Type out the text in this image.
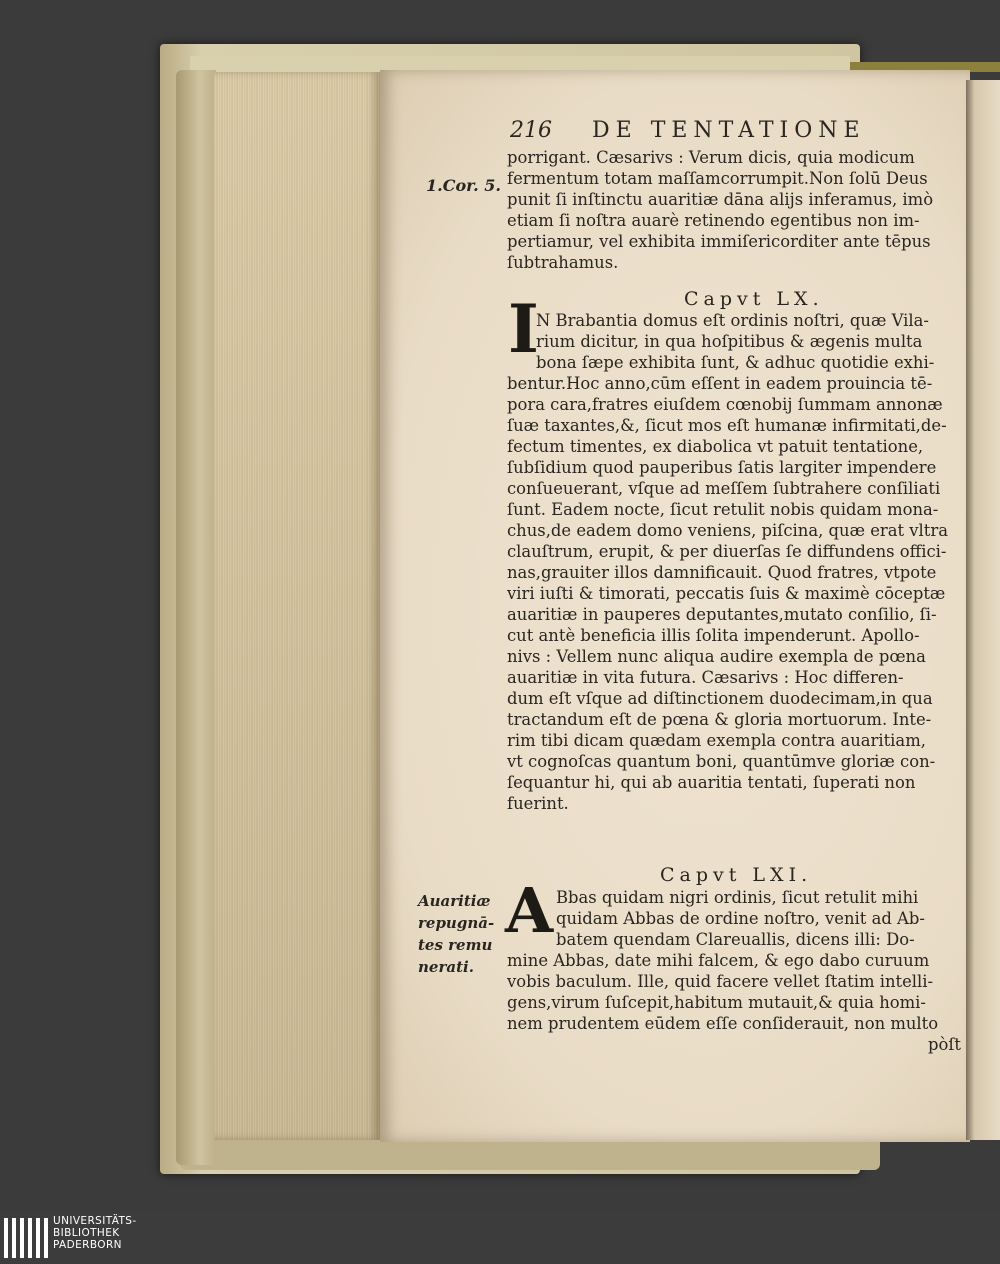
216 DE TENTATIONE
1.Cor. 5.
Auaritiæ
repugnā-
tes remu
nerati.
Capvt LX.
Capvt LXI.
I
A
porrigant. Cæsarivs : Verum dicis, quia modicum
fermentum totam maſſamcorrumpit.Non ſolū Deus
punit ſi inſtinctu auaritiæ dāna alijs inferamus, imò
etiam ſi noſtra auarè retinendo egentibus non im-
pertiamur, vel exhibita immiſericorditer ante tēpus
ſubtrahamus.
N Brabantia domus eſt ordinis noſtri, quæ Vila-
rium dicitur, in qua hoſpitibus & ægenis multa
bona ſæpe exhibita ſunt, & adhuc quotidie exhi-
bentur.Hoc anno,cūm eſſent in eadem prouincia tē-
pora cara,fratres eiuſdem cœnobij ſummam annonæ
ſuæ taxantes,&, ſicut mos eſt humanæ infirmitati,de-
fectum timentes, ex diabolica vt patuit tentatione,
ſubſidium quod pauperibus ſatis largiter impendere
conſueuerant, vſque ad meſſem ſubtrahere conſiliati
ſunt. Eadem nocte, ſicut retulit nobis quidam mona-
chus,de eadem domo veniens, piſcina, quæ erat vltra
clauſtrum, erupit, & per diuerſas ſe diffundens offici-
nas,grauiter illos damnificauit. Quod fratres, vtpote
viri iuſti & timorati, peccatis ſuis & maximè cōceptæ
auaritiæ in pauperes deputantes,mutato conſilio, ſi-
cut antè beneficia illis ſolita impenderunt. Apollo-
nivs : Vellem nunc aliqua audire exempla de pœna
auaritiæ in vita futura. Cæsarivs : Hoc differen-
dum eſt vſque ad diſtinctionem duodecimam,in qua
tractandum eſt de pœna & gloria mortuorum. Inte-
rim tibi dicam quædam exempla contra auaritiam,
vt cognoſcas quantum boni, quantūmve gloriæ con-
ſequantur hi, qui ab auaritia tentati, ſuperati non
fuerint.
Bbas quidam nigri ordinis, ſicut retulit mihi
quidam Abbas de ordine noſtro, venit ad Ab-
batem quendam Clareuallis, dicens illi: Do-
mine Abbas, date mihi falcem, & ego dabo curuum
vobis baculum. Ille, quid facere vellet ſtatim intelli-
gens,virum ſuſcepit,habitum mutauit,& quia homi-
nem prudentem eūdem eſſe conſiderauit, non multo
pòſt
UNIVERSITÄTS-
BIBLIOTHEK
PADERBORN
